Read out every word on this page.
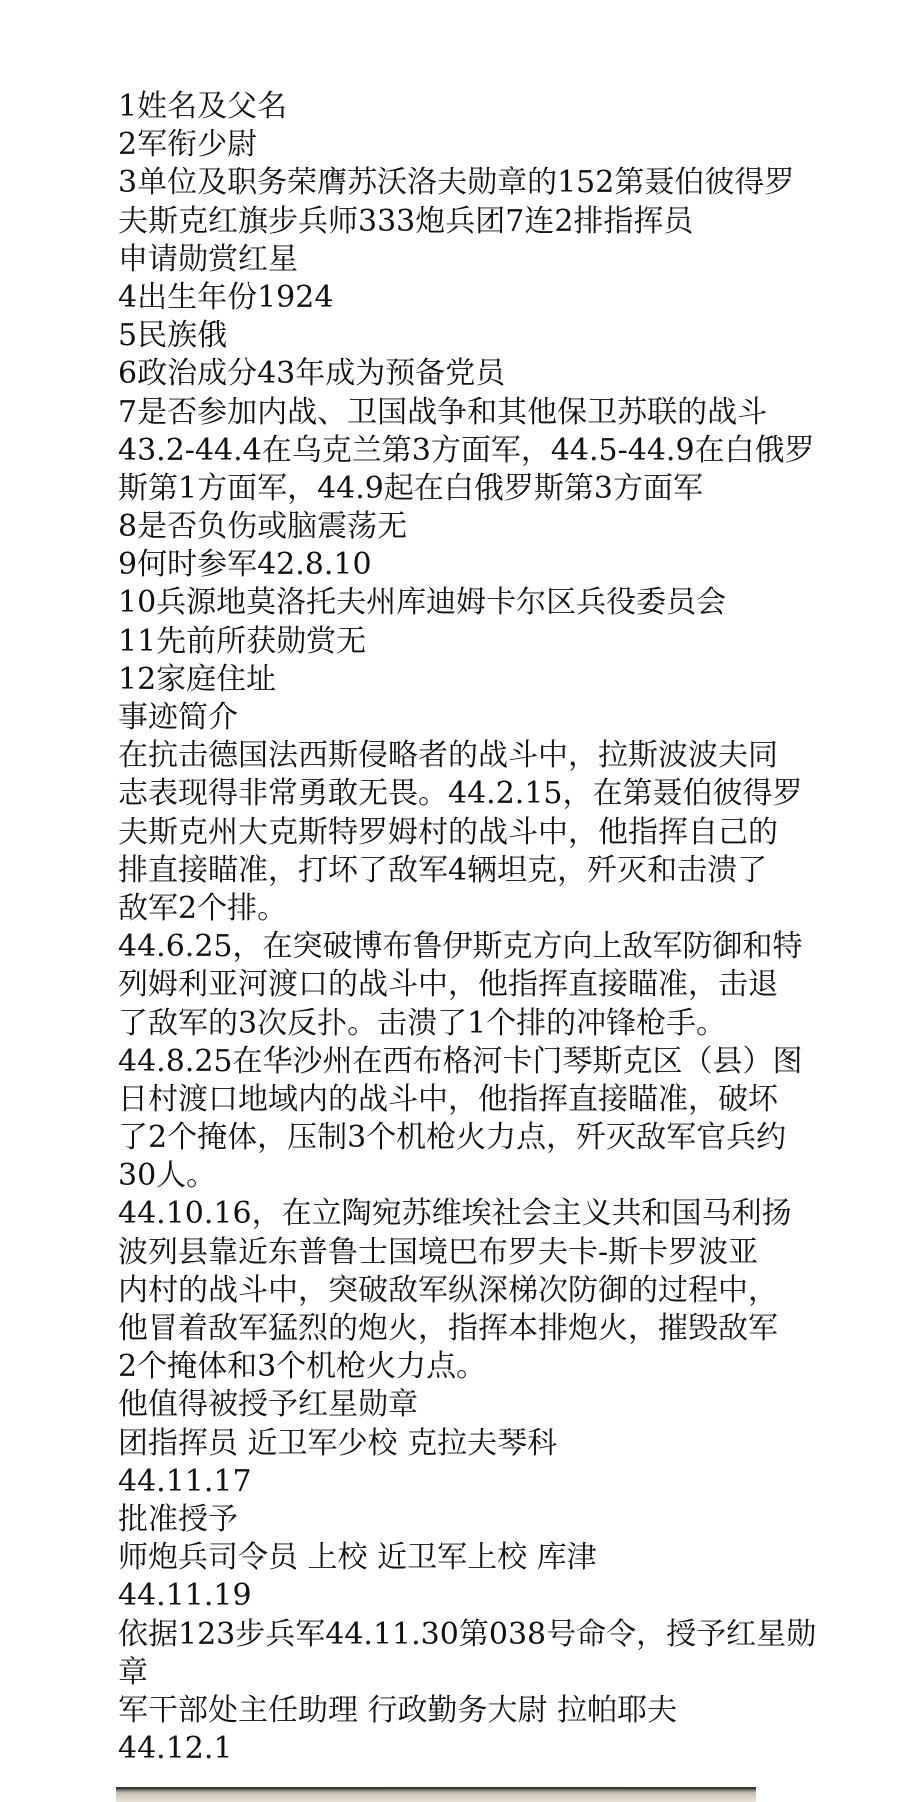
1姓名及父名
2军衔少尉
3单位及职务荣膺苏沃洛夫勋章的152第聂伯彼得罗
夫斯克红旗步兵师333炮兵团7连2排指挥员
申请勋赏红星
4出生年份1924
5民族俄
6政治成分43年成为预备党员
7是否参加内战、卫国战争和其他保卫苏联的战斗
43.2-44.4在乌克兰第3方面军，44.5-44.9在白俄罗
斯第1方面军，44.9起在白俄罗斯第3方面军
8是否负伤或脑震荡无
9何时参军42.8.10
10兵源地莫洛托夫州库迪姆卡尔区兵役委员会
11先前所获勋赏无
12家庭住址
事迹简介
在抗击德国法西斯侵略者的战斗中，拉斯波波夫同
志表现得非常勇敢无畏。44.2.15，在第聂伯彼得罗
夫斯克州大克斯特罗姆村的战斗中，他指挥自己的
排直接瞄准，打坏了敌军4辆坦克，歼灭和击溃了
敌军2个排。
44.6.25，在突破博布鲁伊斯克方向上敌军防御和特
列姆利亚河渡口的战斗中，他指挥直接瞄准，击退
了敌军的3次反扑。击溃了1个排的冲锋枪手。
44.8.25在华沙州在西布格河卡门琴斯克区（县）图
日村渡口地域内的战斗中，他指挥直接瞄准，破坏
了2个掩体，压制3个机枪火力点，歼灭敌军官兵约
30人。
44.10.16，在立陶宛苏维埃社会主义共和国马利扬
波列县靠近东普鲁士国境巴布罗夫卡-斯卡罗波亚
内村的战斗中，突破敌军纵深梯次防御的过程中，
他冒着敌军猛烈的炮火，指挥本排炮火，摧毁敌军
2个掩体和3个机枪火力点。
他值得被授予红星勋章
团指挥员 近卫军少校 克拉夫琴科
44.11.17
批准授予
师炮兵司令员 上校 近卫军上校 库津
44.11.19
依据123步兵军44.11.30第038号命令，授予红星勋
章
军干部处主任助理 行政勤务大尉 拉帕耶夫
44.12.1
